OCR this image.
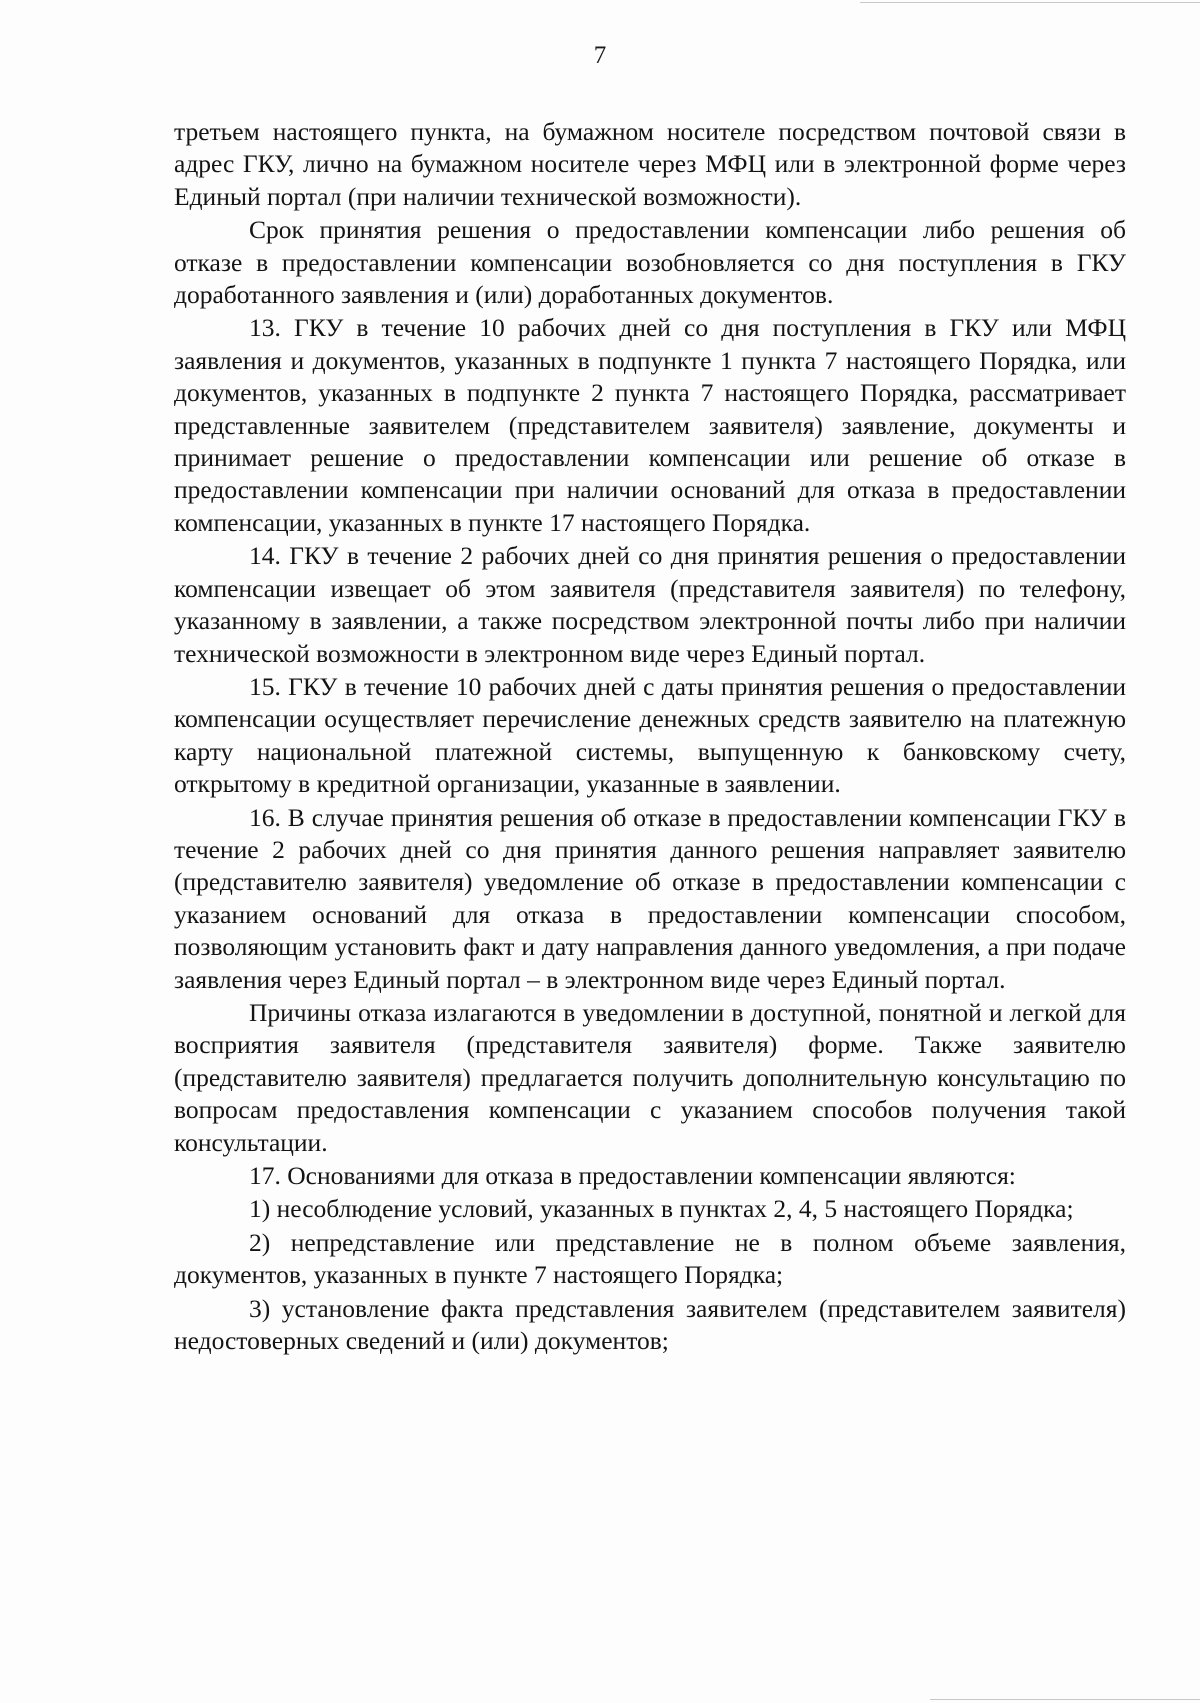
7

третьем настоящего пункта, на бумажном носителе посредством почтовой связи в адрес ГКУ, лично на бумажном носителе через МФЦ или в электронной форме через Единый портал (при наличии технической возможности).

Срок принятия решения о предоставлении компенсации либо решения об отказе в предоставлении компенсации возобновляется со дня поступления в ГКУ доработанного заявления и (или) доработанных документов.

13. ГКУ в течение 10 рабочих дней со дня поступления в ГКУ или МФЦ заявления и документов, указанных в подпункте 1 пункта 7 настоящего Порядка, или документов, указанных в подпункте 2 пункта 7 настоящего Порядка, рассматривает представленные заявителем (представителем заявителя) заявление, документы и принимает решение о предоставлении компенсации или решение об отказе в предоставлении компенсации при наличии оснований для отказа в предоставлении компенсации, указанных в пункте 17 настоящего Порядка.

14. ГКУ в течение 2 рабочих дней со дня принятия решения о предоставлении компенсации извещает об этом заявителя (представителя заявителя) по телефону, указанному в заявлении, а также посредством электронной почты либо при наличии технической возможности в электронном виде через Единый портал.

15. ГКУ в течение 10 рабочих дней с даты принятия решения о предоставлении компенсации осуществляет перечисление денежных средств заявителю на платежную карту национальной платежной системы, выпущенную к банковскому счету, открытому в кредитной организации, указанные в заявлении.

16. В случае принятия решения об отказе в предоставлении компенсации ГКУ в течение 2 рабочих дней со дня принятия данного решения направляет заявителю (представителю заявителя) уведомление об отказе в предоставлении компенсации с указанием оснований для отказа в предоставлении компенсации способом, позволяющим установить факт и дату направления данного уведомления, а при подаче заявления через Единый портал – в электронном виде через Единый портал.

Причины отказа излагаются в уведомлении в доступной, понятной и легкой для восприятия заявителя (представителя заявителя) форме. Также заявителю (представителю заявителя) предлагается получить дополнительную консультацию по вопросам предоставления компенсации с указанием способов получения такой консультации.

17. Основаниями для отказа в предоставлении компенсации являются:

1) несоблюдение условий, указанных в пунктах 2, 4, 5 настоящего Порядка;

2) непредставление или представление не в полном объеме заявления, документов, указанных в пункте 7 настоящего Порядка;

3) установление факта представления заявителем (представителем заявителя) недостоверных сведений и (или) документов;
